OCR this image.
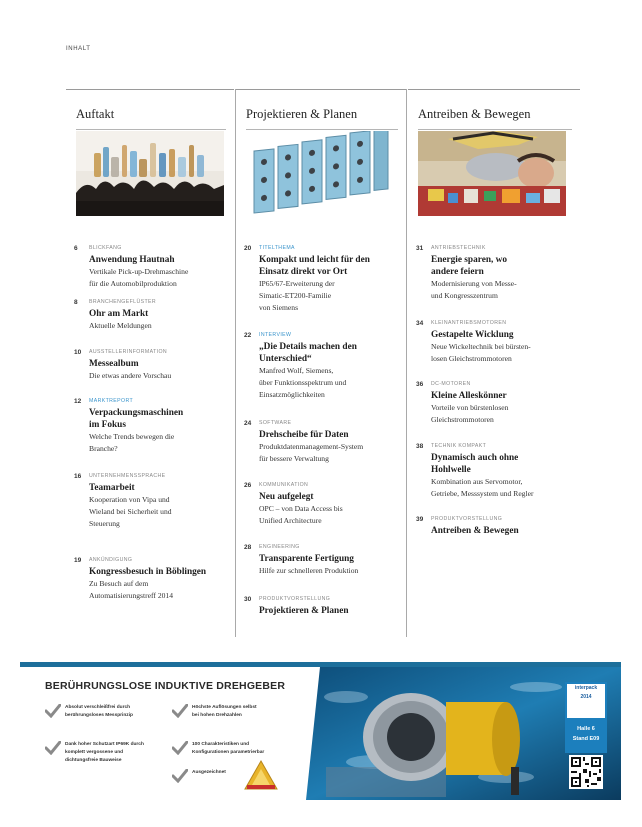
INHALT
Auftakt
6 BLICKFANG
Anwendung Hautnah
Vertikale Pick-up-Drehmaschine
für die Automobilproduktion
8 BRANCHENGEFLÜSTER
Ohr am Markt
Aktuelle Meldungen
10 AUSSTELLERINFORMATION
Messealbum
Die etwas andere Vorschau
12 MARKTREPORT
Verpackungsmaschinen
im Fokus
Welche Trends bewegen die
Branche?
16 UNTERNEHMENSSPRACHE
Teamarbeit
Kooperation von Vipa und
Wieland bei Sicherheit und
Steuerung
19 ANKÜNDIGUNG
Kongressbesuch in Böblingen
Zu Besuch auf dem
Automatisierungstreff 2014
Projektieren & Planen
20 TITELTHEMA
Kompakt und leicht für den
Einsatz direkt vor Ort
IP65/67-Erweiterung der
Simatic-ET200-Familie
von Siemens
22 INTERVIEW
„Die Details machen den
Unterschied“
Manfred Wolf, Siemens,
über Funktionsspektrum und
Einsatzmöglichkeiten
24 SOFTWARE
Drehscheibe für Daten
Produktdatenmanagement-System
für bessere Verwaltung
26 KOMMUNIKATION
Neu aufgelegt
OPC – von Data Access bis
Unified Architecture
28 ENGINEERING
Transparente Fertigung
Hilfe zur schnelleren Produktion
30 PRODUKTVORSTELLUNG
Projektieren & Planen
Antreiben & Bewegen
31 ANTRIEBSTECHNIK
Energie sparen, wo
andere feiern
Modernisierung von Messe-
und Kongresszentrum
34 KLEINANTRIEBSMOTOREN
Gestapelte Wicklung
Neue Wickeltechnik bei bürsten-
losen Gleichstrommotoren
36 DC-MOTOREN
Kleine Alleskönner
Vorteile von bürstenlosen
Gleichstrommotoren
38 TECHNIK KOMPAKT
Dynamisch auch ohne
Hohlwelle
Kombination aus Servomotor,
Getriebe, Messsystem und Regler
39 PRODUKTVORSTELLUNG
Antreiben & Bewegen
BERÜHRUNGSLOSE INDUKTIVE DREHGEBER
Absolut verschleißfrei durch
berührungsloses Messprinzip
Höchste Auflösungen selbst
bei hohen Drehzahlen
Dank hoher Schutzart IP69K durch
komplett vergossene und
dichtungsfreie Bauweise
100 Charakteristiken und
Konfigurationen parametrierbar
Ausgezeichnet
interpack
2014
Halle 6
Stand E09
